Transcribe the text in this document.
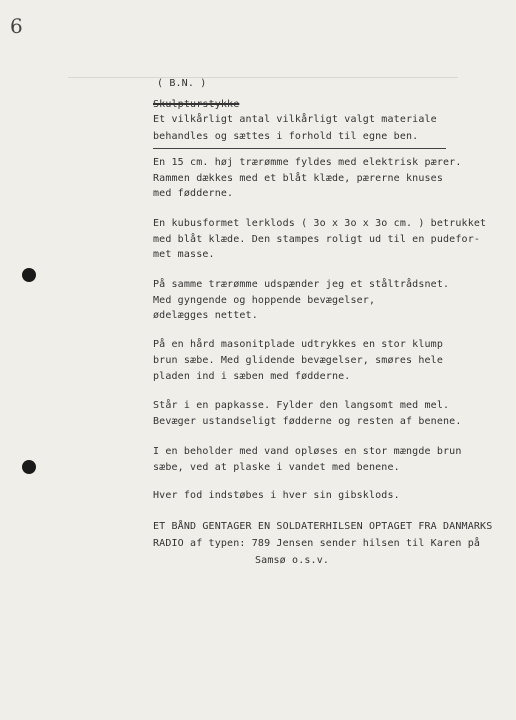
6
( B.N. )
Skulpturstykke
Et vilkårligt antal vilkårligt valgt materiale
behandles og sættes i forhold til egne ben.
En 15 cm. høj trærømme fyldes med elektrisk pærer.
Rammen dækkes med et blåt klæde, pærerne knuses
med fødderne.
En kubusformet lerklods ( 3o x 3o x 3o cm. ) betrukket
med blåt klæde. Den stampes roligt ud til en pudefor-
met masse.
På samme trærømme udspænder jeg et ståltrådsnet.
Med gyngende og hoppende bevægelser,
ødelægges nettet.
På en hård masonitplade udtrykkes en stor klump
brun sæbe. Med glidende bevægelser, smøres hele
pladen ind i sæben med fødderne.
Står i en papkasse. Fylder den langsomt med mel.
Bevæger ustandseligt fødderne og resten af benene.
I en beholder med vand opløses en stor mængde brun
sæbe, ved at plaske i vandet med benene.
Hver fod indstøbes i hver sin gibsklods.
ET BÅND GENTAGER EN SOLDATERHILSEN OPTAGET FRA DANMARKS
RADIO af typen: 789 Jensen sender hilsen til Karen på
Samsø o.s.v.
